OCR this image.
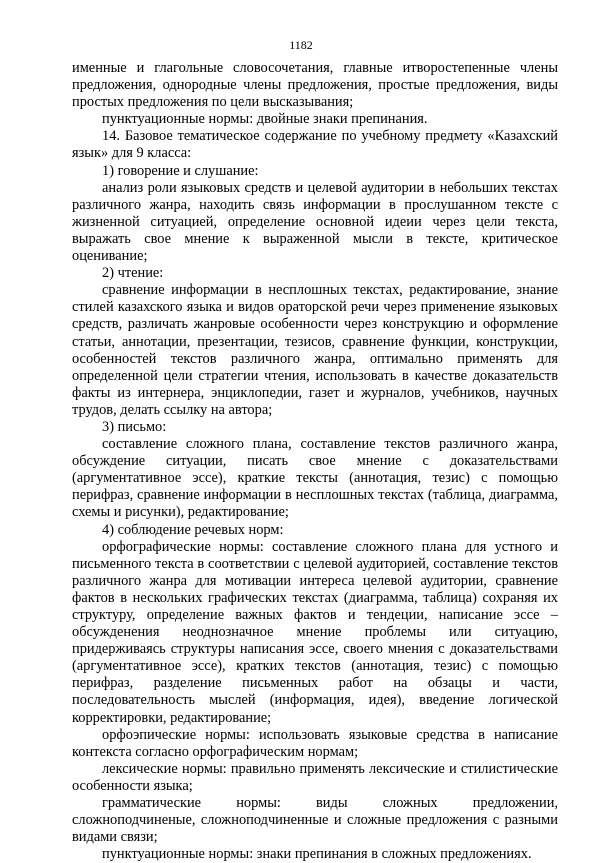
1182

именные и глагольные словосочетания, главные итворостепенные члены предложения, однородные члены предложения, простые предложения, виды простых предложения по цели высказывания;

пунктуационные нормы: двойные знаки препинания.

14. Базовое тематическое содержание по учебному предмету «Казахский язык» для 9 класса:

1) говорение и слушание:

анализ роли языковых средств и целевой аудитории в небольших текстах различного жанра, находить связь информации в прослушанном тексте с жизненной ситуацией, определение основной идеии через цели текста, выражать свое мнение к выраженной мысли в тексте, критическое оценивание;

2) чтение:

сравнение информации в несплошных текстах, редактирование, знание стилей казахского языка и видов ораторской речи через применение языковых средств, различать жанровые особенности через конструкцию и оформление статьи, аннотации, презентации, тезисов, сравнение функции, конструкции, особенностей текстов различного жанра, оптимально применять для определенной цели стратегии чтения, использовать в качестве доказательств факты из интернера, энциклопедии, газет и журналов, учебников, научных трудов, делать ссылку на автора;

3) письмо:

составление сложного плана, составление текстов различного жанра, обсуждение ситуации, писать свое мнение с доказательствами (аргументативное эссе), краткие тексты (аннотация, тезис) с помощью перифраз, сравнение информации в несплошных текстах (таблица, диаграмма, схемы и рисунки), редактирование;

4) соблюдение речевых норм:

орфографические нормы: составление сложного плана для устного и письменного текста в соответствии с целевой аудиторией, составление текстов различного жанра для мотивации интереса целевой аудитории, сравнение фактов в нескольких графических текстах (диаграмма, таблица) сохраняя их структуру, определение важных фактов и тендеции, написание эссе – обсужденения неоднозначное мнение проблемы или ситуацию, придерживаясь структуры написания эссе, своего мнения с доказательствами (аргументативное эссе), кратких текстов (аннотация, тезис) с помощью перифраз, разделение письменных работ на обзацы и части, последовательность мыслей (информация, идея), введение логической корректировки, редактирование;

орфоэпические нормы: использовать языковые средства в написание контекста согласно орфографическим нормам;

лексические нормы: правильно применять лексические и стилистические особенности языка;

грамматические нормы: виды сложных предложении, сложноподчиненые, сложноподчиненные и сложные предложения с разными видами связи;

пунктуационные нормы: знаки препинания в сложных предложениях.
